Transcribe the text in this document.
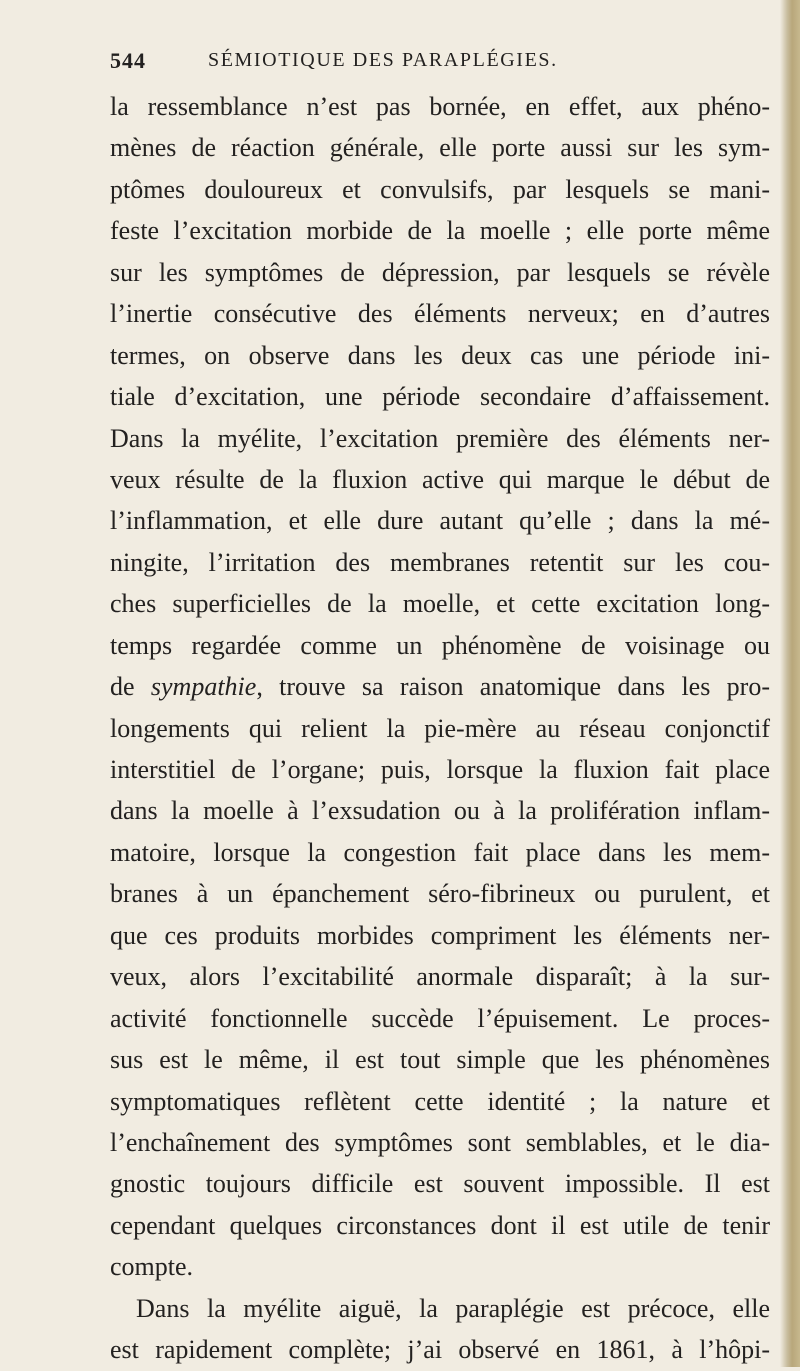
544	SÉMIOTIQUE DES PARAPLÉGIES.
la ressemblance n’est pas bornée, en effet, aux phéno-
mènes de réaction générale, elle porte aussi sur les sym-
ptômes douloureux et convulsifs, par lesquels se mani-
feste l’excitation morbide de la moelle ; elle porte même
sur les symptômes de dépression, par lesquels se révèle
l’inertie consécutive des éléments nerveux; en d’autres
termes, on observe dans les deux cas une période ini-
tiale d’excitation, une période secondaire d’affaissement.
Dans la myélite, l’excitation première des éléments ner-
veux résulte de la fluxion active qui marque le début de
l’inflammation, et elle dure autant qu’elle ; dans la mé-
ningite, l’irritation des membranes retentit sur les cou-
ches superficielles de la moelle, et cette excitation long-
temps regardée comme un phénomène de voisinage ou
de sympathie, trouve sa raison anatomique dans les pro-
longements qui relient la pie-mère au réseau conjonctif
interstitiel de l’organe; puis, lorsque la fluxion fait place
dans la moelle à l’exsudation ou à la prolifération inflam-
matoire, lorsque la congestion fait place dans les mem-
branes à un épanchement séro-fibrineux ou purulent, et
que ces produits morbides compriment les éléments ner-
veux, alors l’excitabilité anormale disparaît; à la sur-
activité fonctionnelle succède l’épuisement. Le proces-
sus est le même, il est tout simple que les phénomènes
symptomatiques reflètent cette identité ; la nature et
l’enchaînement des symptômes sont semblables, et le dia-
gnostic toujours difficile est souvent impossible. Il est
cependant quelques circonstances dont il est utile de tenir
compte.
Dans la myélite aiguë, la paraplégie est précoce, elle
est rapidement complète; j’ai observé en 1861, à l’hôpi-
